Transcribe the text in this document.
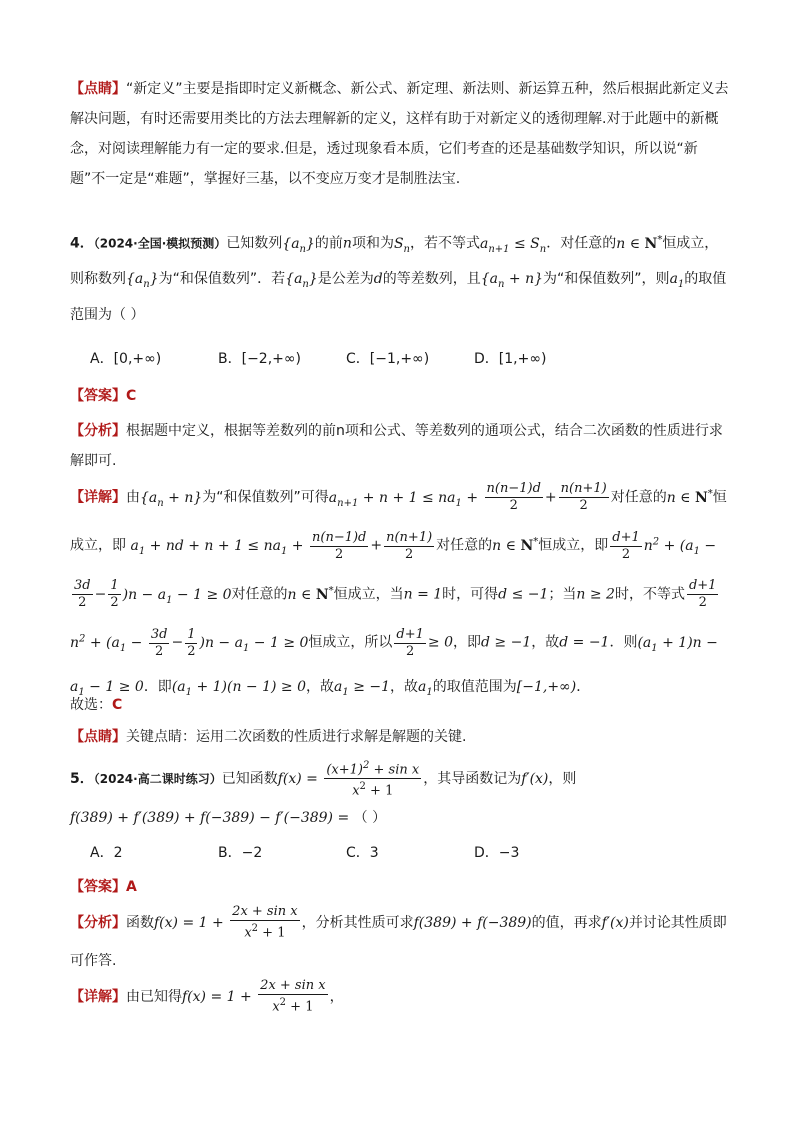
【点睛】“新定义”主要是指即时定义新概念、新公式、新定理、新法则、新运算五种，然后根据此新定义去解决问题，有时还需要用类比的方法去理解新的定义，这样有助于对新定义的透彻理解.对于此题中的新概念，对阅读理解能力有一定的要求.但是，透过现象看本质，它们考查的还是基础数学知识，所以说“新题”不一定是“难题”，掌握好三基，以不变应万变才是制胜法宝.
4．（2024·全国·模拟预测）已知数列$\{a_n\}$的前n项和为$S_n$，若不等式$a_{n+1} \le S_n$．对任意的n ∈ N*恒成立，则称数列$\{a_n\}$为“和保值数列”．若$\{a_n\}$是公差为d的等差数列，且$\{a_n + n\}$为“和保值数列”，则$a_1$的取值范围为（ ）
A．[0,+∞)	B．[−2,+∞)	C．[−1,+∞)	D．[1,+∞)
【答案】C
【分析】根据题中定义，根据等差数列的前n项和公式、等差数列的通项公式，结合二次函数的性质进行求解即可.
【详解】由$\{a_n + n\}$为“和保值数列”可得$a_{n+1} + n + 1 \le na_1 + \frac{n(n-1)d}{2} + \frac{n(n+1)}{2}$ 对任意的n ∈ N*恒成立，即 $a_1$ + nd + $n + 1 \le na_1 + \frac{n(n-1)d}{2} + \frac{n(n+1)}{2}$ 对任意的n ∈ N*恒成立，即 $\frac{d+1}{2} n^2 + (a_1$ −
$\frac{3d}{2} - \frac{1}{2} )n - a_1 - 1 \ge 0$对任意的n ∈ N*恒成立，当n = 1时，可得d ≤ −1；当n ≥ 2时，不等式 $\frac{d+1}{2}$
$n^2 + (a_1 - \frac{3d}{2} - \frac{1}{2} )n - a_1 - 1 \ge 0$恒成立，所以 $\frac{d+1}{2} \ge 0$，即d ≥ −1，故d = −1．则$(a_1 + 1)n - a_1 - 1 \ge 0$．即$(a_1 + 1)(n - 1) \ge 0$，故$a_1 \ge -1$，故$a_1$的取值范围为[−1,+∞)．
故选：C
【点睛】关键点睛：运用二次函数的性质进行求解是解题的关键.
5．（2024·高二课时练习）已知函数$f(x) = \frac{(x+1)^2 + \sin x}{x^2 + 1}$ ，其导函数记为f′(x)，则
f(389) + f′(389) + f(−389) − f′(−389) = （ ）
A．2	B．−2	C．3	D．−3
【答案】A
【分析】函数$f(x) = 1 + \frac{\text{2x + sin x}}{x^2 + 1}$ ，分析其性质可求f(389) + f(−389)的值，再求f′(x)并讨论其性质即可作答.
【详解】由已知得$f(x) = 1 + \frac{\text{2x + sin x}}{x^2 + 1}$ ，
